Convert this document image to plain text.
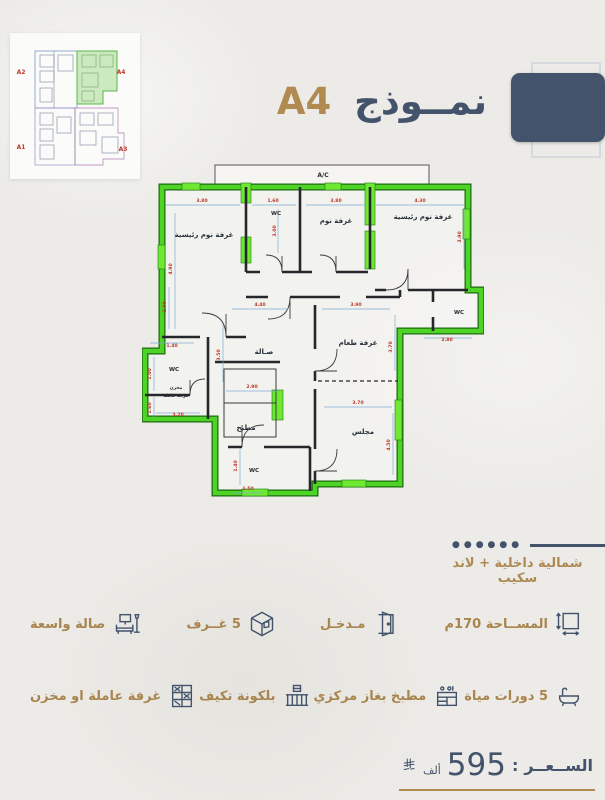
A2	A4
A1	A3
نمــوذج A4
A/C
غرفة نوم رئيسية
WC
غرفة نوم	غرفة نوم رئيسية
WC
صـالة
غرفة طعام
مطبخ	مجلس
WC
مخزن
غرفة عاملة
WC
3.80	1.60	3.80	4.30
4.90
2.00
3.00
3.90
2.80
4.40	3.90
3.50
3.70
3.70
4.50
2.90
1.40
1.00
1.60
3.20
1.40
1.50
●●●●●●
شمالية داخلية + لاند سكيب
المســاحة 170م
مـدخـل
5 غــرف
صالة واسعة
5 دورات مياة
مطبخ بغاز مركزي
بلكونة تكيف
غرفة عاملة او مخزن
الســعــر
:
595
ألف
